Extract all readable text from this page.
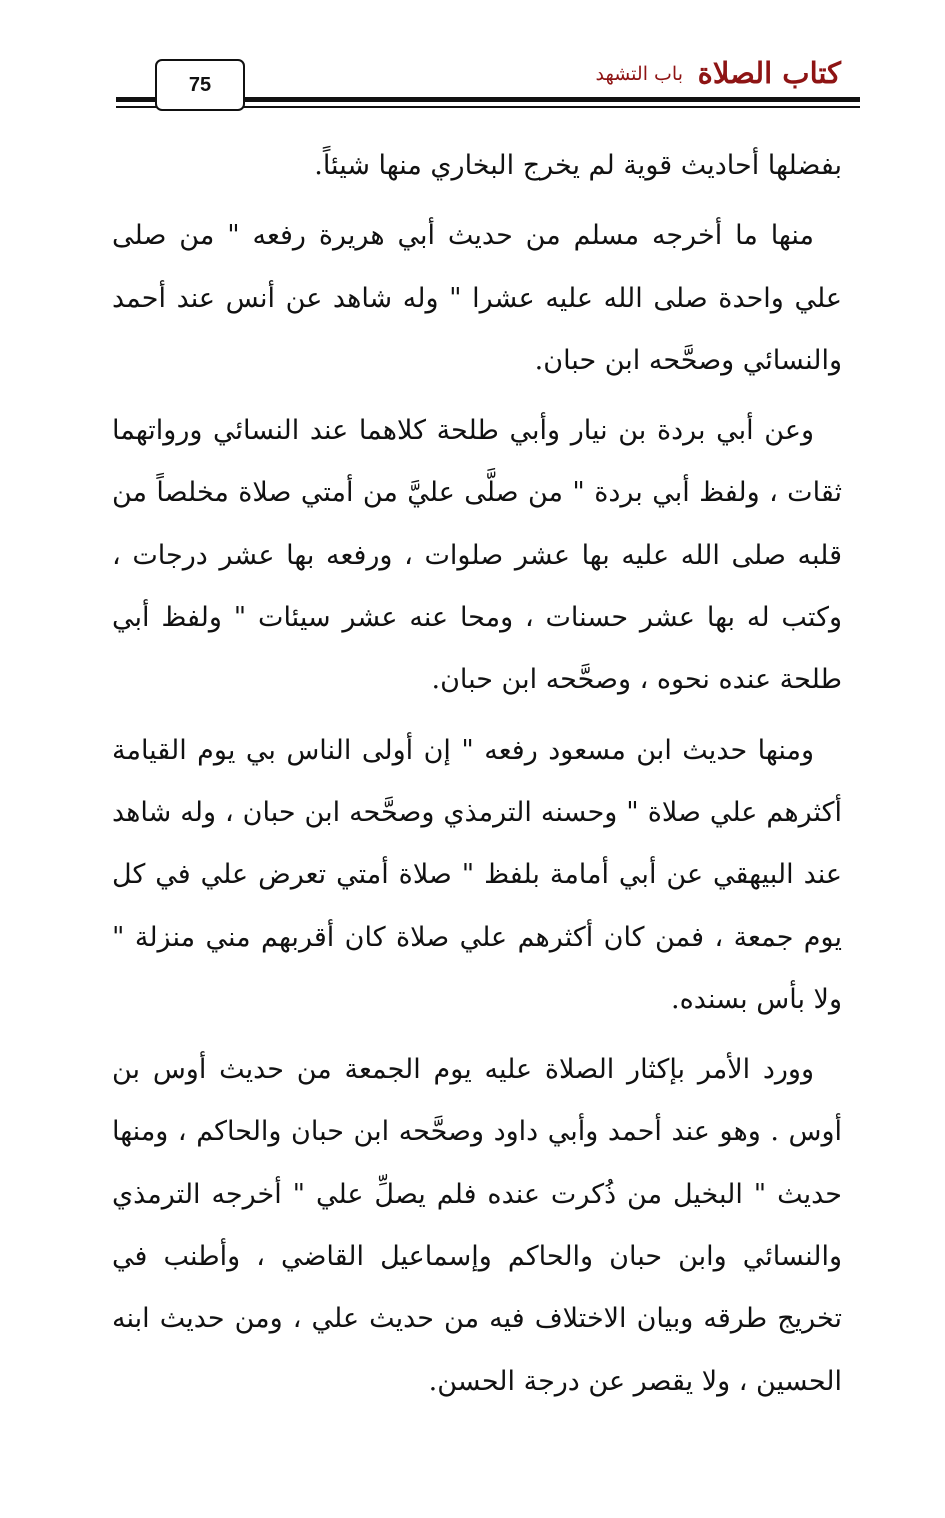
كتاب الصلاة
باب التشهد
75

بفضلها أحاديث قوية لم يخرج البخاري منها شيئاً.

منها ما أخرجه مسلم من حديث أبي هريرة رفعه " من صلى علي واحدة صلى الله عليه عشرا " وله شاهد عن أنس عند أحمد والنسائي وصحَّحه ابن حبان.

وعن أبي بردة بن نيار وأبي طلحة كلاهما عند النسائي ورواتهما ثقات ، ولفظ أبي بردة " من صلَّى عليَّ من أمتي صلاة مخلصاً من قلبه صلى الله عليه بها عشر صلوات ، ورفعه بها عشر درجات ، وكتب له بها عشر حسنات ، ومحا عنه عشر سيئات " ولفظ أبي طلحة عنده نحوه ، وصحَّحه ابن حبان.

ومنها حديث ابن مسعود رفعه " إن أولى الناس بي يوم القيامة أكثرهم علي صلاة " وحسنه الترمذي وصحَّحه ابن حبان ، وله شاهد عند البيهقي عن أبي أمامة بلفظ " صلاة أمتي تعرض علي في كل يوم جمعة ، فمن كان أكثرهم علي صلاة كان أقربهم مني منزلة " ولا بأس بسنده.

وورد الأمر بإكثار الصلاة عليه يوم الجمعة من حديث أوس بن أوس . وهو عند أحمد وأبي داود وصحَّحه ابن حبان والحاكم ، ومنها حديث " البخيل من ذُكرت عنده فلم يصلِّ علي " أخرجه الترمذي والنسائي وابن حبان والحاكم وإسماعيل القاضي ، وأطنب في تخريج طرقه وبيان الاختلاف فيه من حديث علي ، ومن حديث ابنه الحسين ، ولا يقصر عن درجة الحسن.
